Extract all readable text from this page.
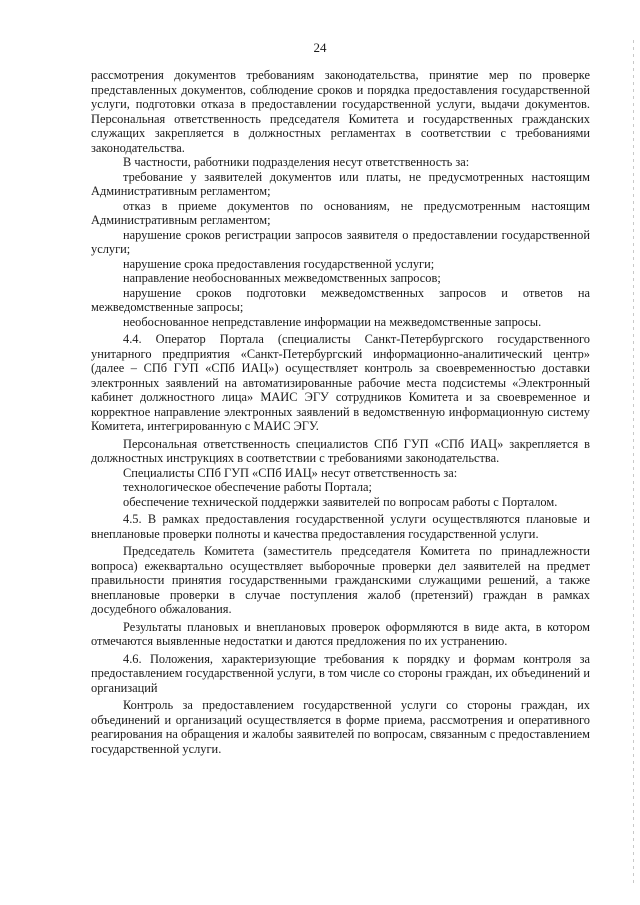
24

рассмотрения документов требованиям законодательства, принятие мер по проверке представленных документов, соблюдение сроков и порядка предоставления государственной услуги, подготовки отказа в предоставлении государственной услуги, выдачи документов. Персональная ответственность председателя Комитета и государственных гражданских служащих закрепляется в должностных регламентах в соответствии с требованиями законодательства.

В частности, работники подразделения несут ответственность за:

требование у заявителей документов или платы, не предусмотренных настоящим Административным регламентом;

отказ в приеме документов по основаниям, не предусмотренным настоящим Административным регламентом;

нарушение сроков регистрации запросов заявителя о предоставлении государственной услуги;

нарушение срока предоставления государственной услуги;

направление необоснованных межведомственных запросов;

нарушение сроков подготовки межведомственных запросов и ответов на межведомственные запросы;

необоснованное непредставление информации на межведомственные запросы.

4.4. Оператор Портала (специалисты Санкт-Петербургского государственного унитарного предприятия «Санкт-Петербургский информационно-аналитический центр» (далее – СПб ГУП «СПб ИАЦ») осуществляет контроль за своевременностью доставки электронных заявлений на автоматизированные рабочие места подсистемы «Электронный кабинет должностного лица» МАИС ЭГУ сотрудников Комитета и за своевременное и корректное направление электронных заявлений в ведомственную информационную систему Комитета, интегрированную с МАИС ЭГУ.

Персональная ответственность специалистов СПб ГУП «СПб ИАЦ» закрепляется в должностных инструкциях в соответствии с требованиями законодательства.

Специалисты СПб ГУП «СПб ИАЦ» несут ответственность за:

технологическое обеспечение работы Портала;

обеспечение технической поддержки заявителей по вопросам работы с Порталом.

4.5. В рамках предоставления государственной услуги осуществляются плановые и внеплановые проверки полноты и качества предоставления государственной услуги.

Председатель Комитета (заместитель председателя Комитета по принадлежности вопроса) ежеквартально осуществляет выборочные проверки дел заявителей на предмет правильности принятия государственными гражданскими служащими решений, а также внеплановые проверки в случае поступления жалоб (претензий) граждан в рамках досудебного обжалования.

Результаты плановых и внеплановых проверок оформляются в виде акта, в котором отмечаются выявленные недостатки и даются предложения по их устранению.

4.6. Положения, характеризующие требования к порядку и формам контроля за предоставлением государственной услуги, в том числе со стороны граждан, их объединений и организаций

Контроль за предоставлением государственной услуги со стороны граждан, их объединений и организаций осуществляется в форме приема, рассмотрения и оперативного реагирования на обращения и жалобы заявителей по вопросам, связанным с предоставлением государственной услуги.
